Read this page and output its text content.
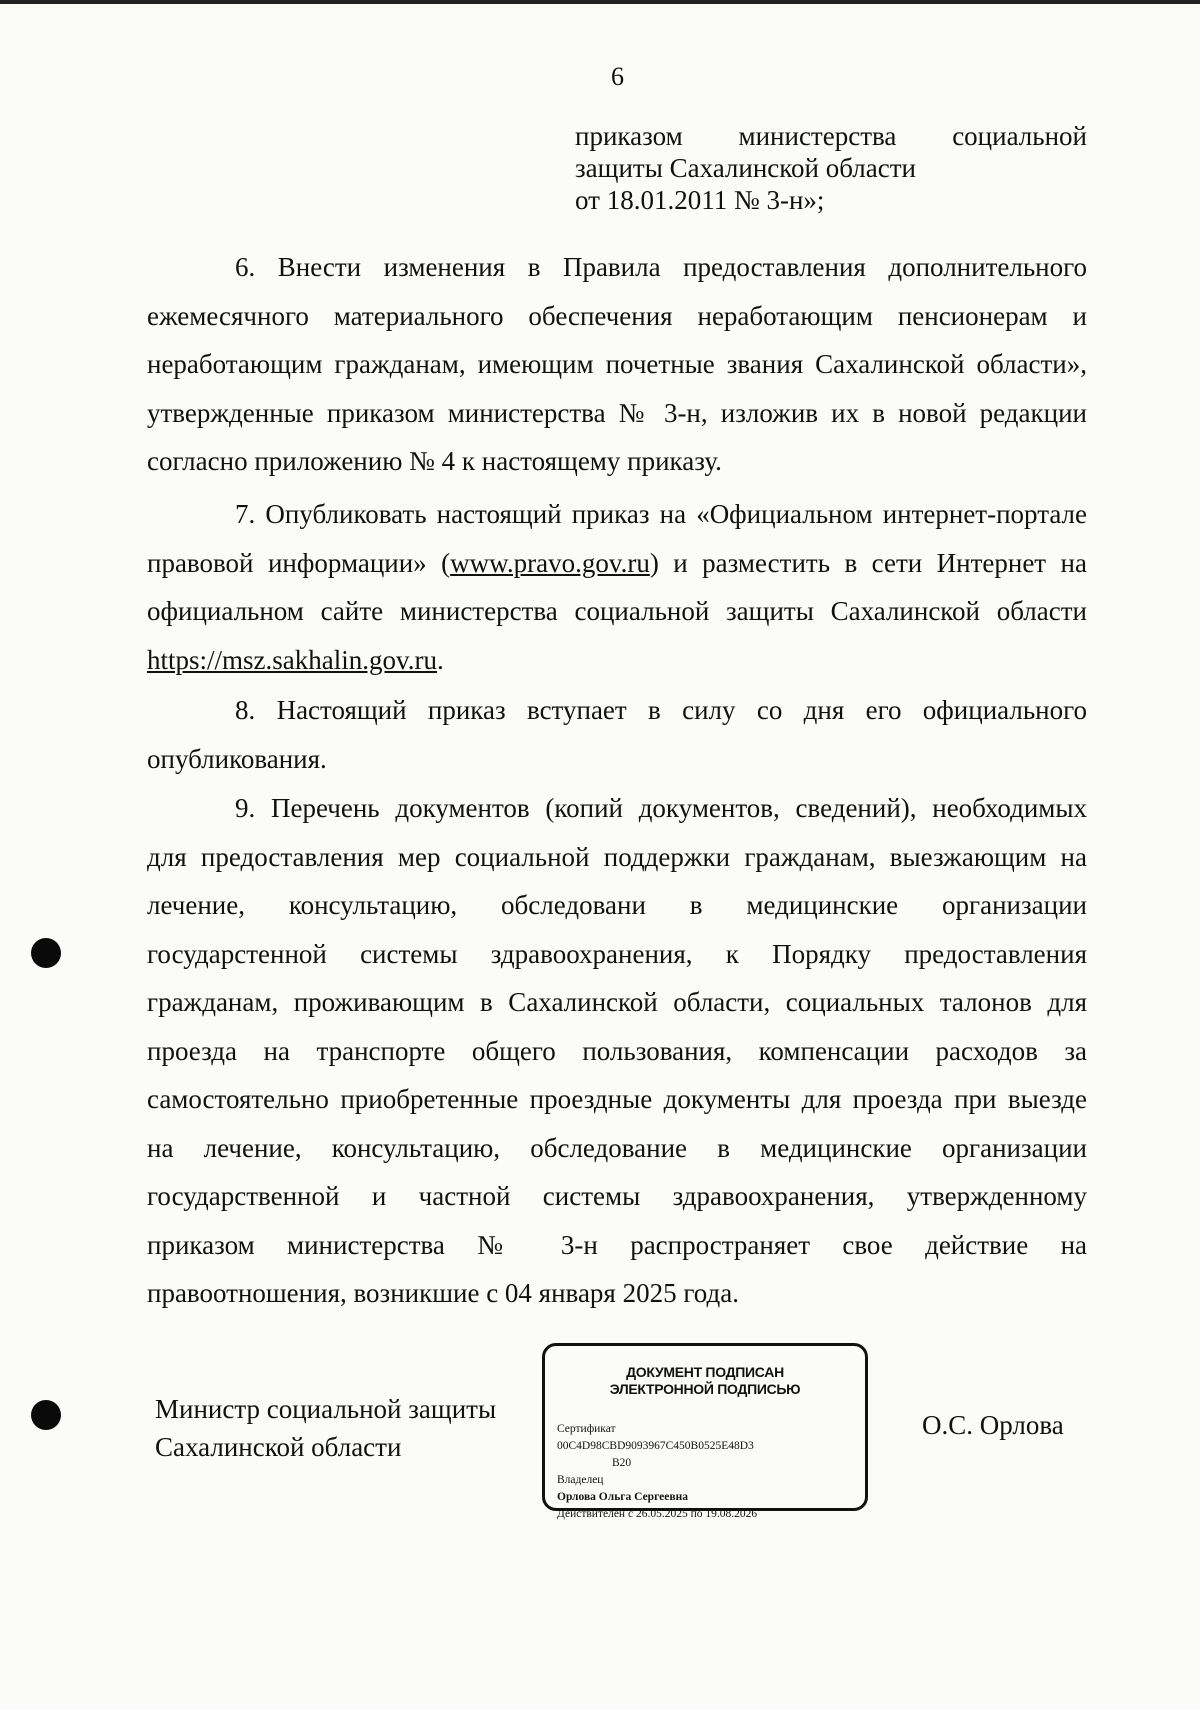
6
приказом министерства социальной
защиты Сахалинской области
от 18.01.2011 № 3-н»;
6. Внести изменения в Правила предоставления дополнительного
ежемесячного материального обеспечения неработающим пенсионерам и
неработающим гражданам, имеющим почетные звания Сахалинской области»,
утвержденные приказом министерства № 3-н, изложив их в новой редакции
согласно приложению № 4 к настоящему приказу.
7. Опубликовать настоящий приказ на «Официальном интернет-портале
правовой информации» (www.pravo.gov.ru) и разместить в сети Интернет на
официальном сайте министерства социальной защиты Сахалинской области
https://msz.sakhalin.gov.ru.
8. Настоящий приказ вступает в силу со дня его официального
опубликования.
9. Перечень документов (копий документов, сведений), необходимых
для предоставления мер социальной поддержки гражданам, выезжающим на
лечение, консультацию, обследовани в медицинские организации
государстенной системы здравоохранения, к Порядку предоставления
гражданам, проживающим в Сахалинской области, социальных талонов для
проезда на транспорте общего пользования, компенсации расходов за
самостоятельно приобретенные проездные документы для проезда при выезде
на лечение, консультацию, обследование в медицинские организации
государственной и частной системы здравоохранения, утвержденному
приказом министерства № 3-н распространяет свое действие на
правоотношения, возникшие с 04 января 2025 года.
Министр социальной защиты
Сахалинской области
ДОКУМЕНТ ПОДПИСАН
ЭЛЕКТРОННОЙ ПОДПИСЬЮ
Сертификат
00C4D98CBD9093967C450B0525E48D3
B20
Владелец
Орлова Ольга Сергеевна
Действителен с 26.05.2025 по 19.08.2026
О.С. Орлова
